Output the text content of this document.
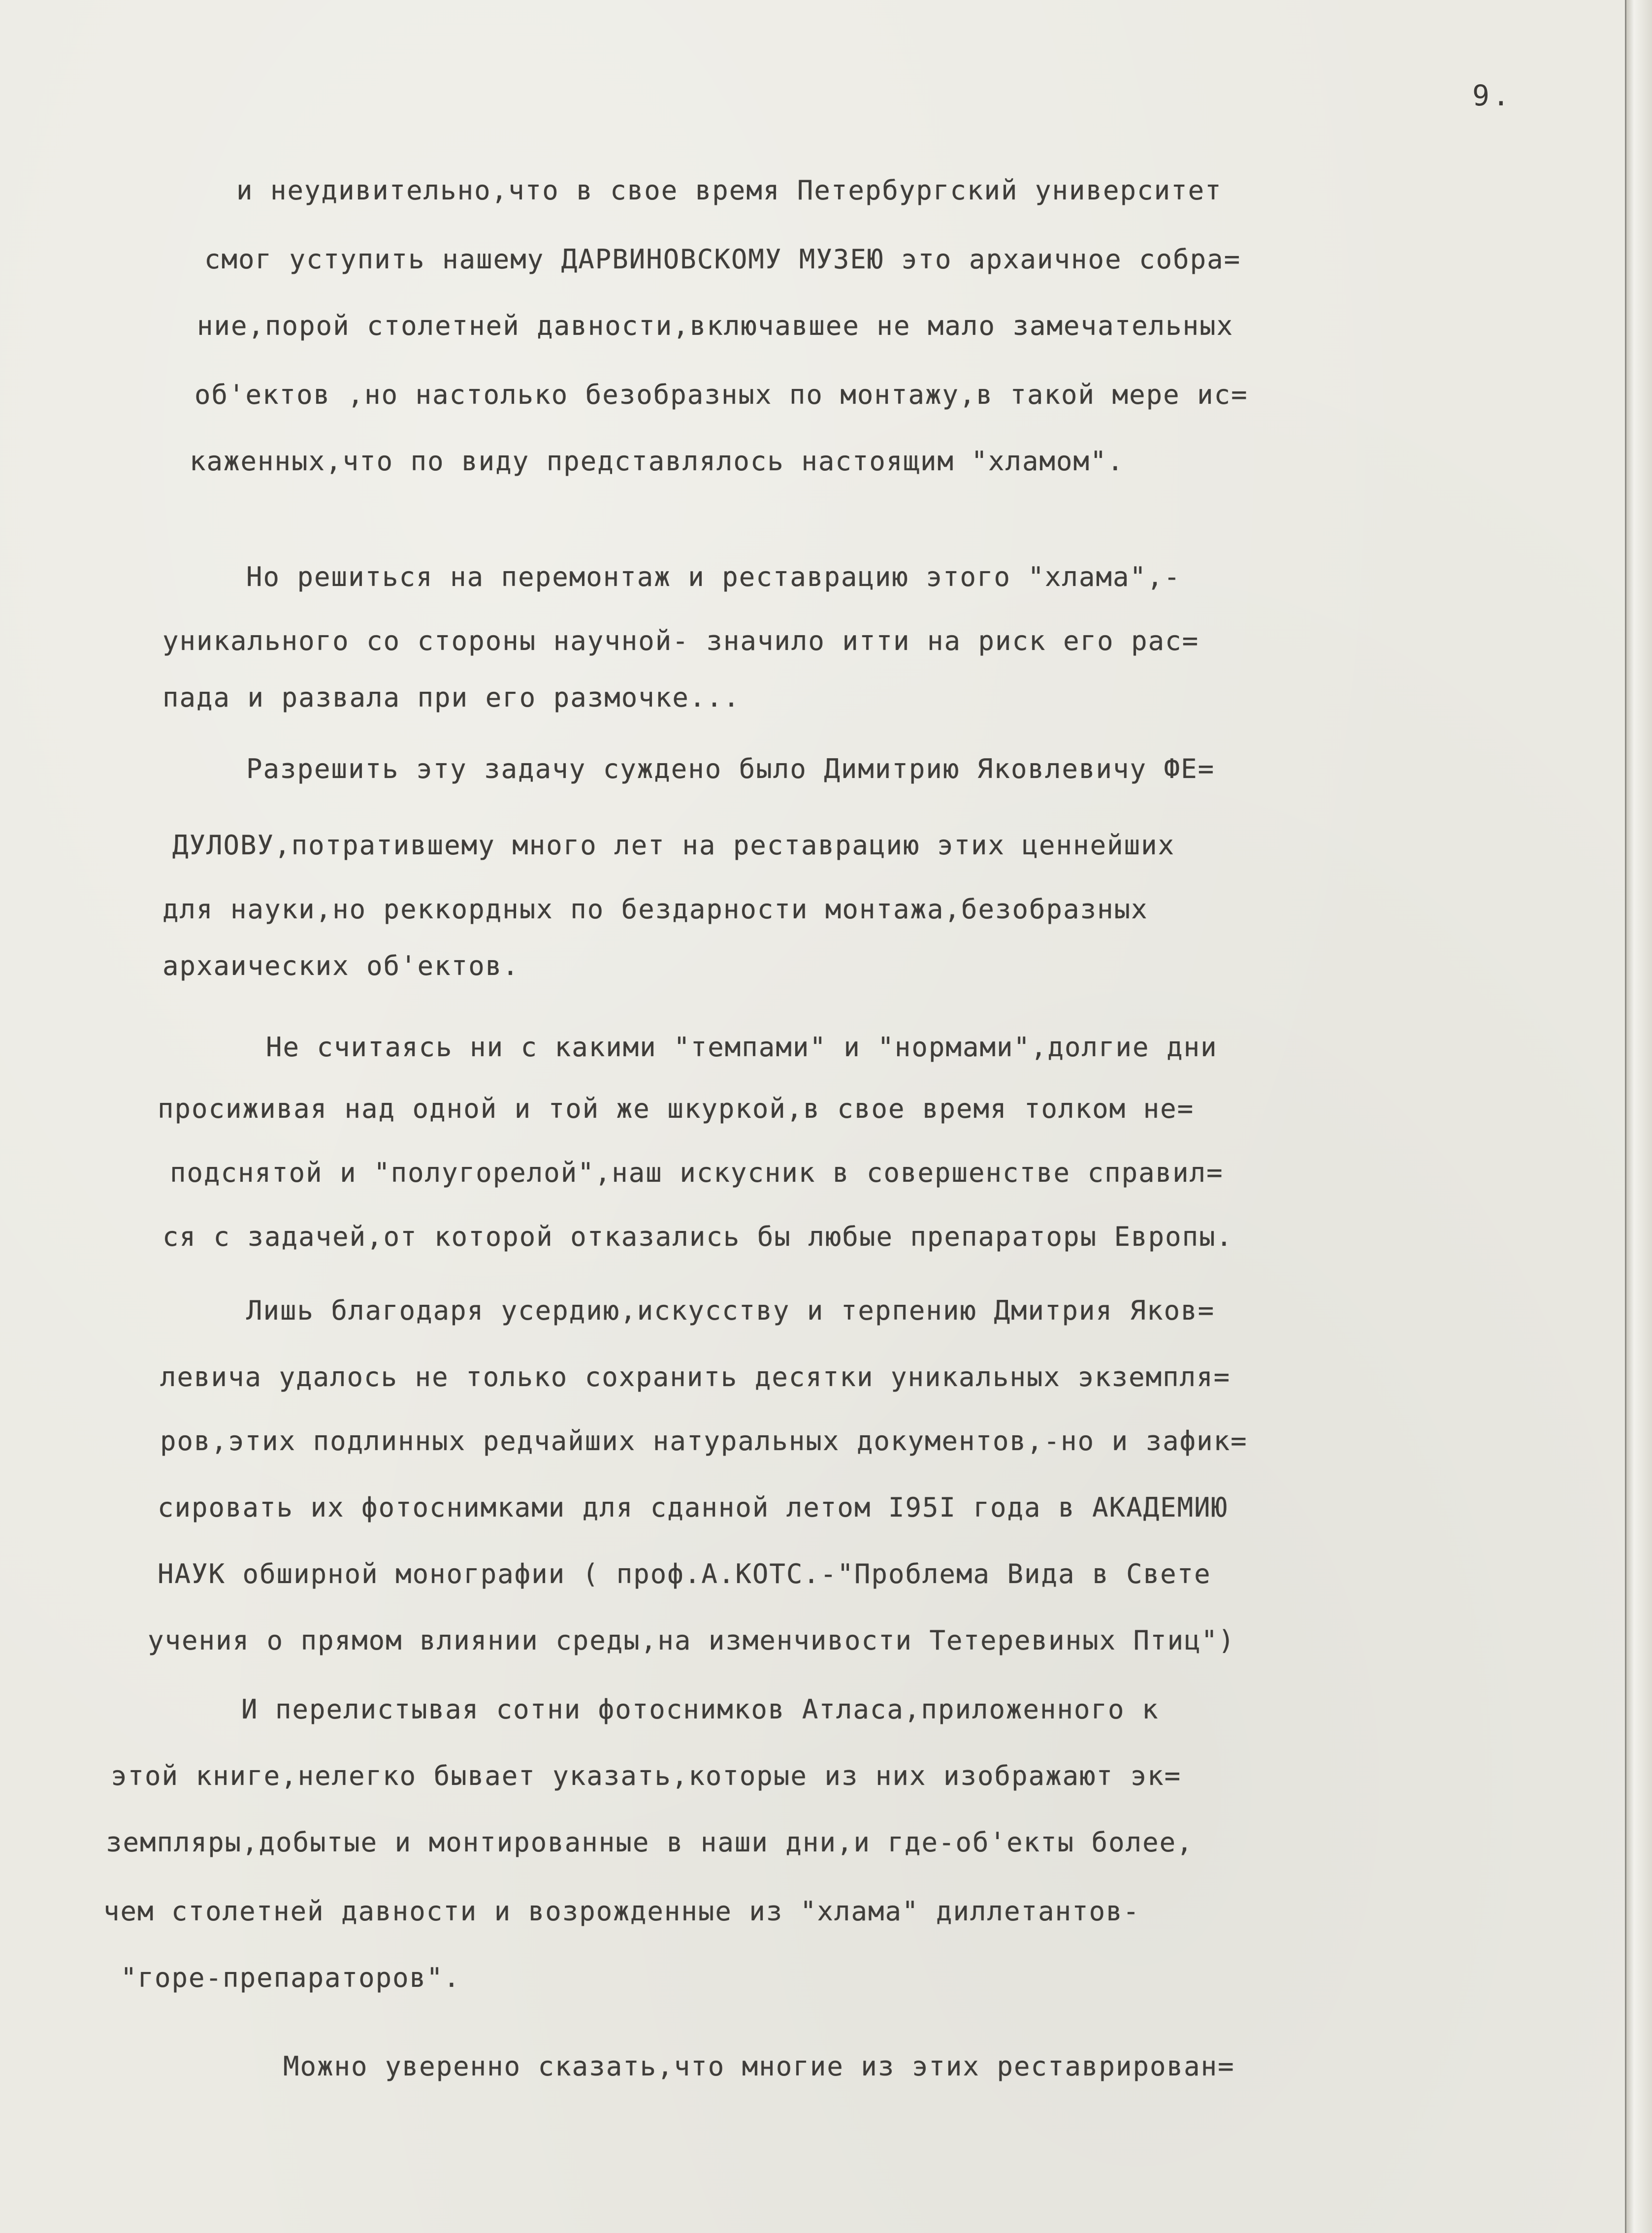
9.
и неудивительно,что в свое время Петербургский университет
смог уступить нашему ДАРВИНОВСКОМУ МУЗЕЮ это архаичное собра=
ние,порой столетней давности,включавшее не мало замечательных
об'ектов ,но настолько безобразных по монтажу,в такой мере ис=
каженных,что по виду представлялось настоящим "хламом".
Но решиться на перемонтаж и реставрацию этого "хлама",-
уникального со стороны научной- значило итти на риск его рас=
пада и развала при его размочке...
Разрешить эту задачу суждено было Димитрию Яковлевичу ФЕ=
ДУЛОВУ,потратившему много лет на реставрацию этих ценнейших
для науки,но реккордных по бездарности монтажа,безобразных
архаических об'ектов.
Не считаясь ни с какими "темпами" и "нормами",долгие дни
просиживая над одной и той же шкуркой,в свое время толком не=
подснятой и "полугорелой",наш искусник в совершенстве справил=
ся с задачей,от которой отказались бы любые препараторы Европы.
Лишь благодаря усердию,искусству и терпению Дмитрия Яков=
левича удалось не только сохранить десятки уникальных экземпля=
ров,этих подлинных редчайших натуральных документов,-но и зафик=
сировать их фотоснимками для сданной летом I95I года в АКАДЕМИЮ
НАУК обширной монографии ( проф.А.КОТС.-"Проблема Вида в Свете
учения о прямом влиянии среды,на изменчивости Тетеревиных Птиц")
И перелистывая сотни фотоснимков Атласа,приложенного к
этой книге,нелегко бывает указать,которые из них изображают эк=
земпляры,добытые и монтированные в наши дни,и где-об'екты более,
чем столетней давности и возрожденные из "хлама" диллетантов-
"горе-препараторов".
Можно уверенно сказать,что многие из этих реставрирован=
